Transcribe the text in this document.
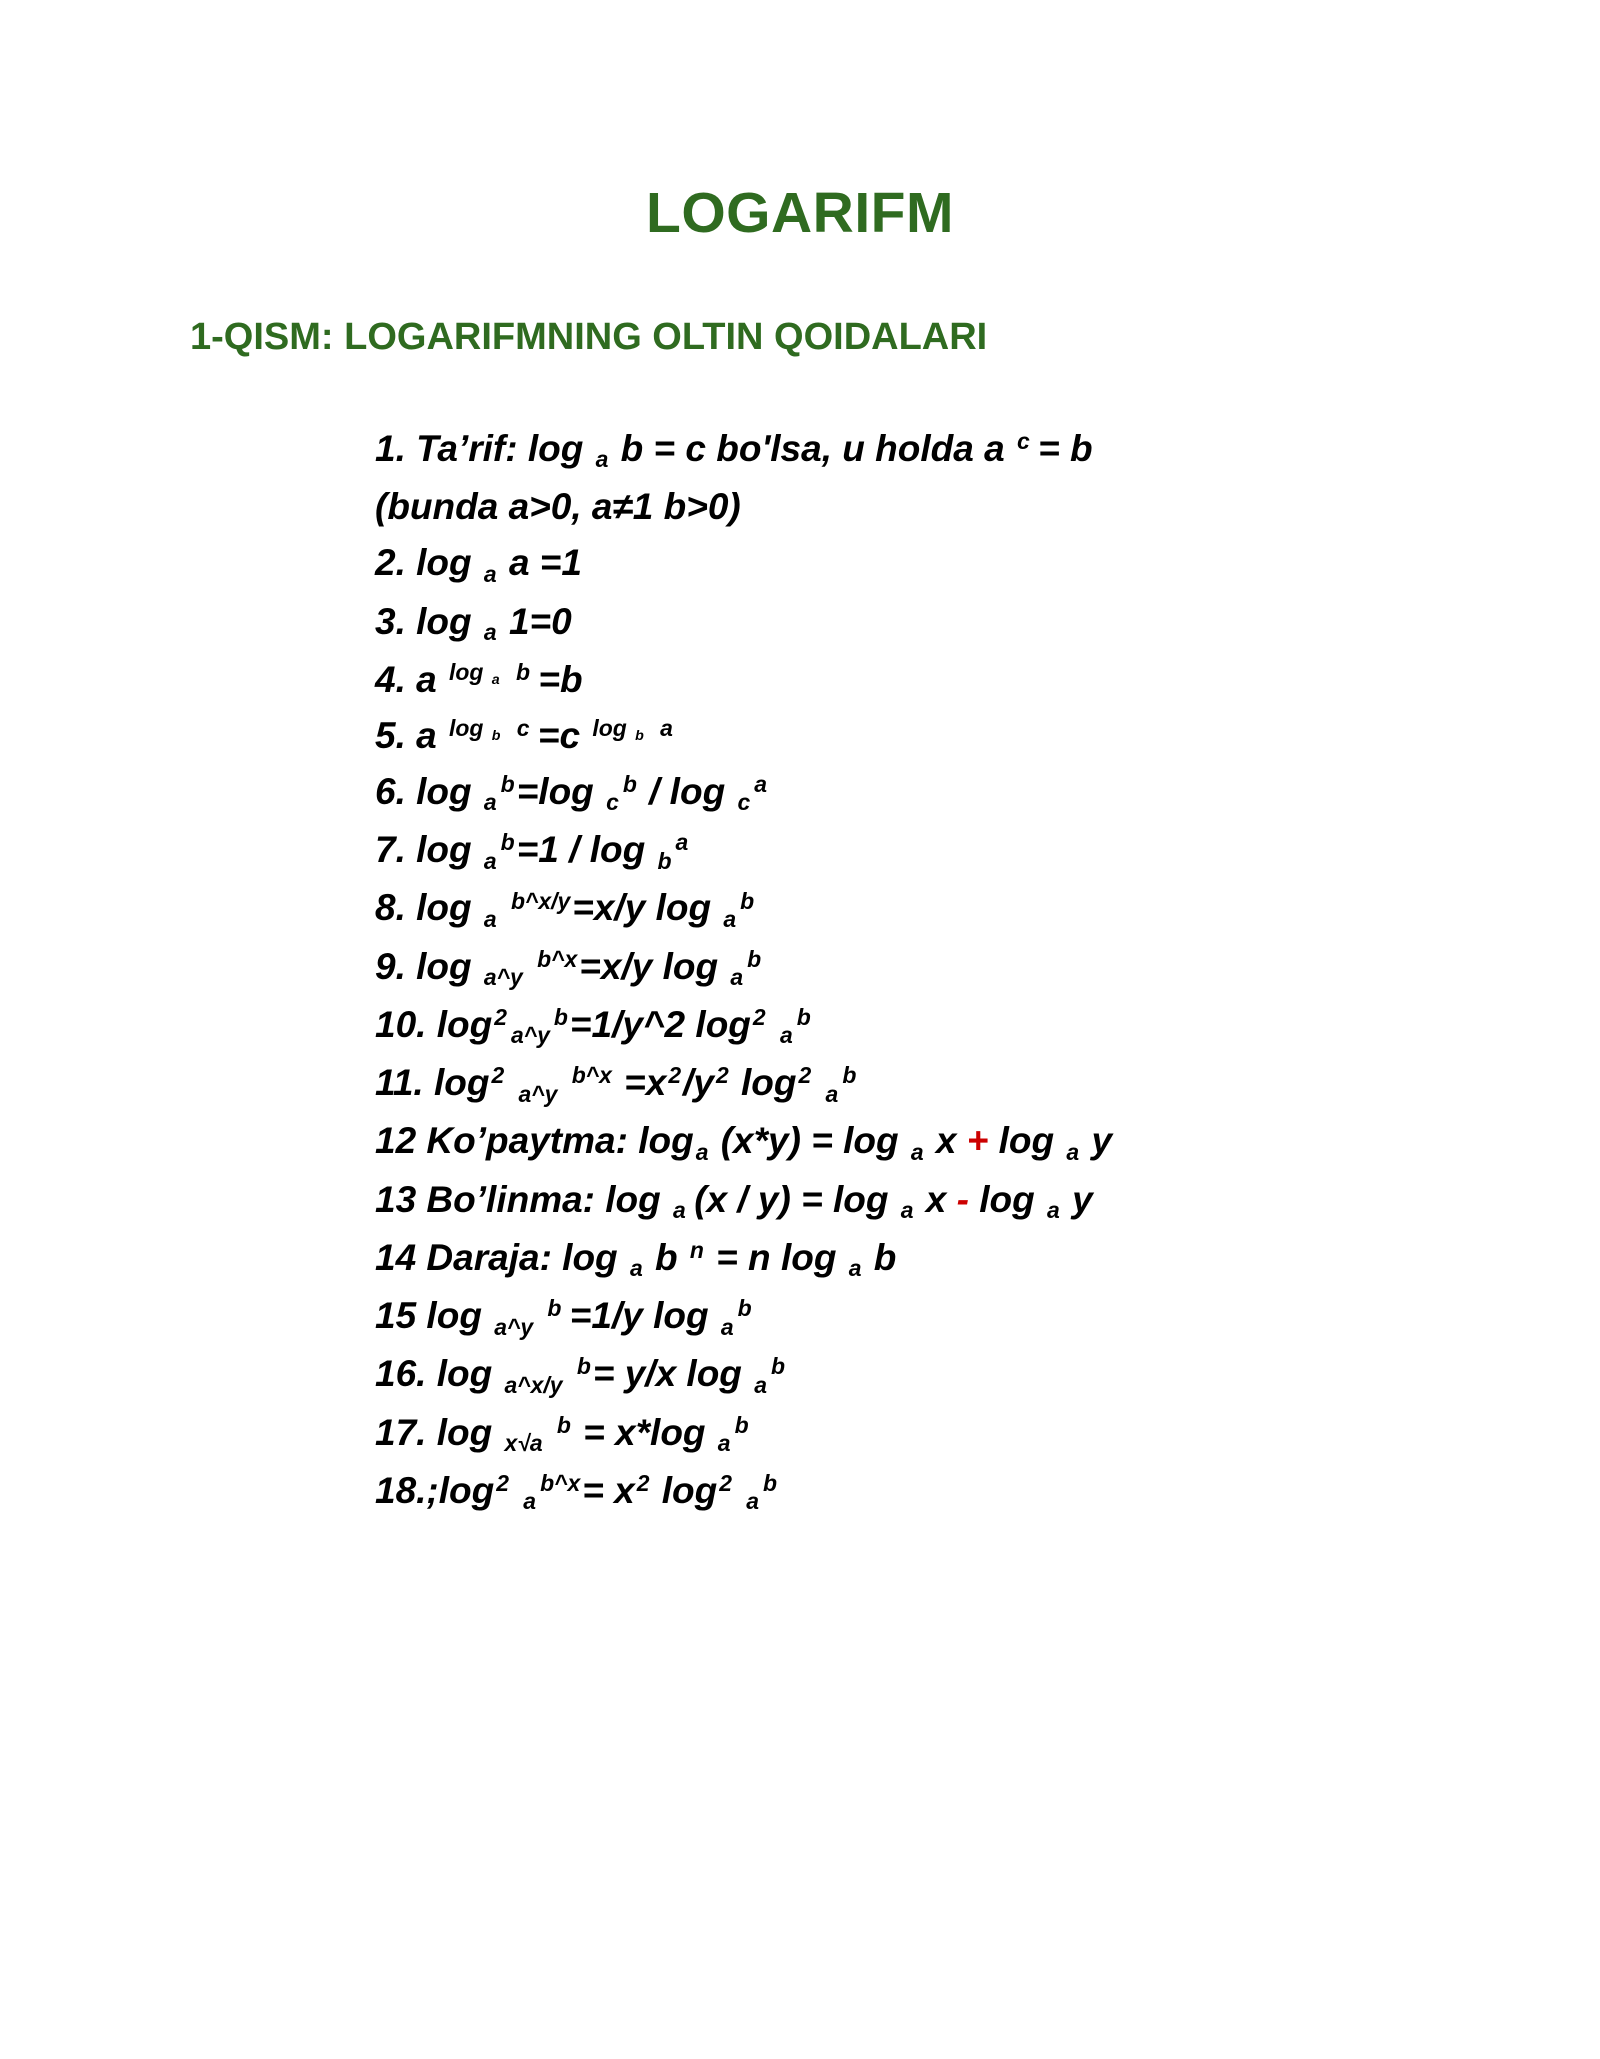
LOGARIFM
1-QISM: LOGARIFMNING OLTIN QOIDALARI

1. Ta’rif: log $_a$ b = c bo'lsa, u holda a $^c$ = b

(bunda a>0, a≠1 b>0)

2. log $_a$ a =1

3. log $_a$ 1=0

4. a $^{log _a}$ $^b$ =b

5. a $^{log _b}$ $^c$ =c $^{log _b}$ $^a$

6. log $_a^b$=log $_c^b$ / log $_c^a$

7. log $_a^b$=1 / log $_b^a$

8. log $_a$ $^{b\^{}x/y}$=x/y log $_a^b$

9. log $_{a\^{}y}$ $^{b\^{}x}$=x/y log $_a^b$

10. $\log^2_{a\^{}y}^b=1/y\^{}2$ $\log^2 _a^b$

11. $\log^2 _{a\^{}y}$ $^{b\^{}x} =x^2/y^2$ $\log^2 _a^b$

12 Ko’paytma: $\log_a (x*y) = \log _a$ x + log $_a$ y

13 Bo’linma: log $_a$ (x / y) = log $_a$ x - log $_a$ y

14 Daraja: log $_a$ b $^n$ = n log $_a$ b

15 log $_{a\^{}y}$ $^b$ =1/y log $_a^b$

16. log $_{a\^{}x/y}$ $^b$= y/x log $_a^b$

17. log $_{x√a}$ $^b$ = x*log $_a^b$

$18.;\log^2$ $_a^{b\^{}x}= x^2$ $\log^2 _a^b$
